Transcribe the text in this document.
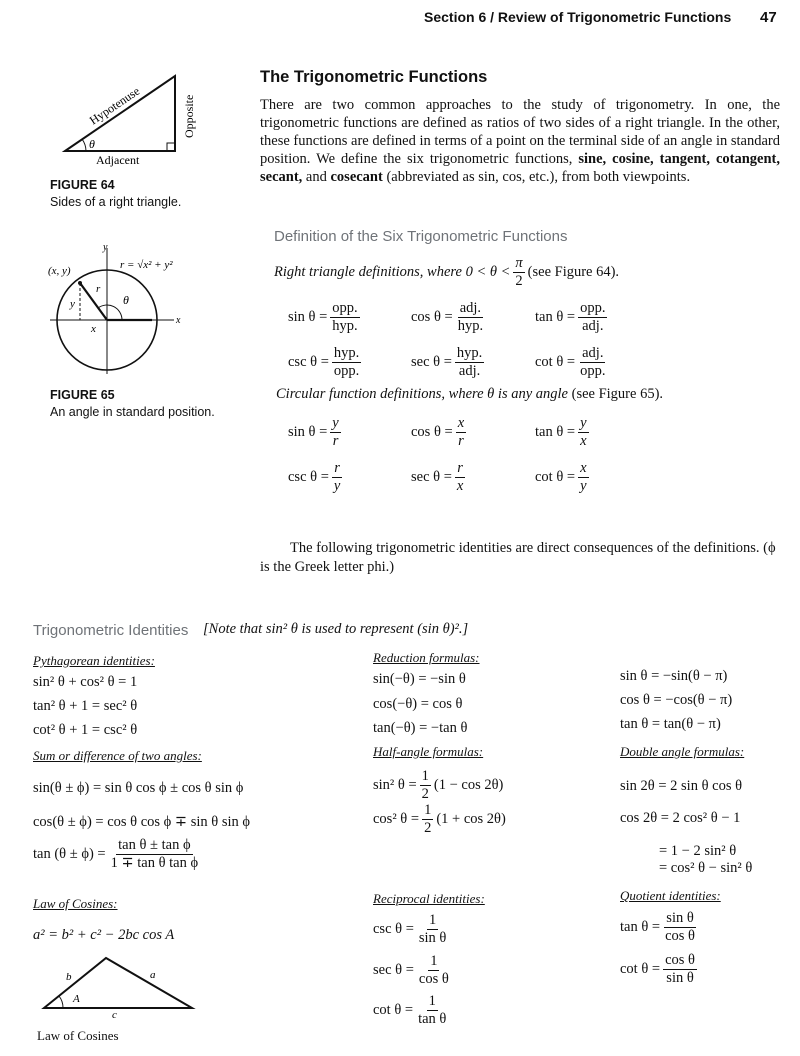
Section 6 / Review of Trigonometric Functions 47
Hypotenuse	Opposite
Adjacent
θ
FIGURE 64
Sides of a right triangle.
y
x
(x, y)	r = √x² + y²
r
θ
y
x
FIGURE 65
An angle in standard position.
The Trigonometric Functions
There are two common approaches to the study of trigonometry. In one, the trigonometric functions are defined as ratios of two sides of a right triangle. In the other, these functions are defined in terms of a point on the terminal side of an angle in standard position. We define the six trigonometric functions, sine, cosine, tangent, cotangent, secant, and cosecant (abbreviated as sin, cos, etc.), from both viewpoints.
Definition of the Six Trigonometric Functions
Right triangle definitions, where $0 < \theta < \frac{\pi}{2} (see$ Figure 64).
$\sin \theta = \frac{\text{opp.}}{\text{hyp.}}$	$\cos \theta = \frac{\text{adj.}}{\text{hyp.}}$	$\tan \theta = \frac{\text{opp.}}{\text{adj.}}$
$\csc \theta = \frac{\text{hyp.}}{\text{opp.}}$	$\sec \theta = \frac{\text{hyp.}}{\text{adj.}}$	$\cot \theta = \frac{\text{adj.}}{\text{opp.}}$
Circular function definitions, where θ is any angle
(see Figure 65).
$\sin \theta = \frac{y}{r}$	$\cos \theta = \frac{x}{r}$	$\tan \theta = \frac{y}{x}$
$\csc \theta = \frac{r}{y}$	$\sec \theta = \frac{r}{x}$	$\cot \theta = \frac{x}{y}$
The following trigonometric identities are direct consequences of the definitions. (ϕ
is the Greek letter phi.)
Trigonometric Identities [Note that sin² θ is used to represent (sin θ)².]
Pythagorean identities:
sin² θ + cos² θ = 1
tan² θ + 1 = sec² θ
cot² θ + 1 = csc² θ
Reduction formulas:
sin(−θ) = −sin θ
cos(−θ) = cos θ
tan(−θ) = −tan θ
sin θ = −sin(θ − π)
cos θ = −cos(θ − π)
tan θ = tan(θ − π)
Sum or difference of two angles:
sin(θ ± ϕ) = sin θ cos ϕ ± cos θ sin ϕ
cos(θ ± ϕ) = cos θ cos ϕ ∓ sin θ sin ϕ
$\tan (\theta \pm \phi) = \frac{\text{tan θ ± tan ϕ}}{\text{1 ∓ tan θ tan ϕ}}$
Half-angle formulas:
sin² $\theta = \frac{1}{2} (1 - \cos 2\theta)$
cos² $\theta = \frac{1}{2} (1 + \cos 2\theta)$
Double angle formulas:
sin 2θ = 2 sin θ cos θ
cos 2θ = 2 cos² θ − 1
= 1 − 2 sin² θ
= cos² θ − sin² θ
Law of Cosines:
a² = b² + c² − 2bc cos A
b	a
c
A
Law of Cosines
Reciprocal identities:
$\csc \theta = \frac{1}{\text{sin θ}}$
$\sec \theta = \frac{1}{\text{cos θ}}$
$\cot \theta = \frac{1}{\text{tan θ}}$
Quotient identities:
$\tan \theta = \frac{\text{sin θ}}{\text{cos θ}}$
$\cot \theta = \frac{\text{cos θ}}{\text{sin θ}}$
